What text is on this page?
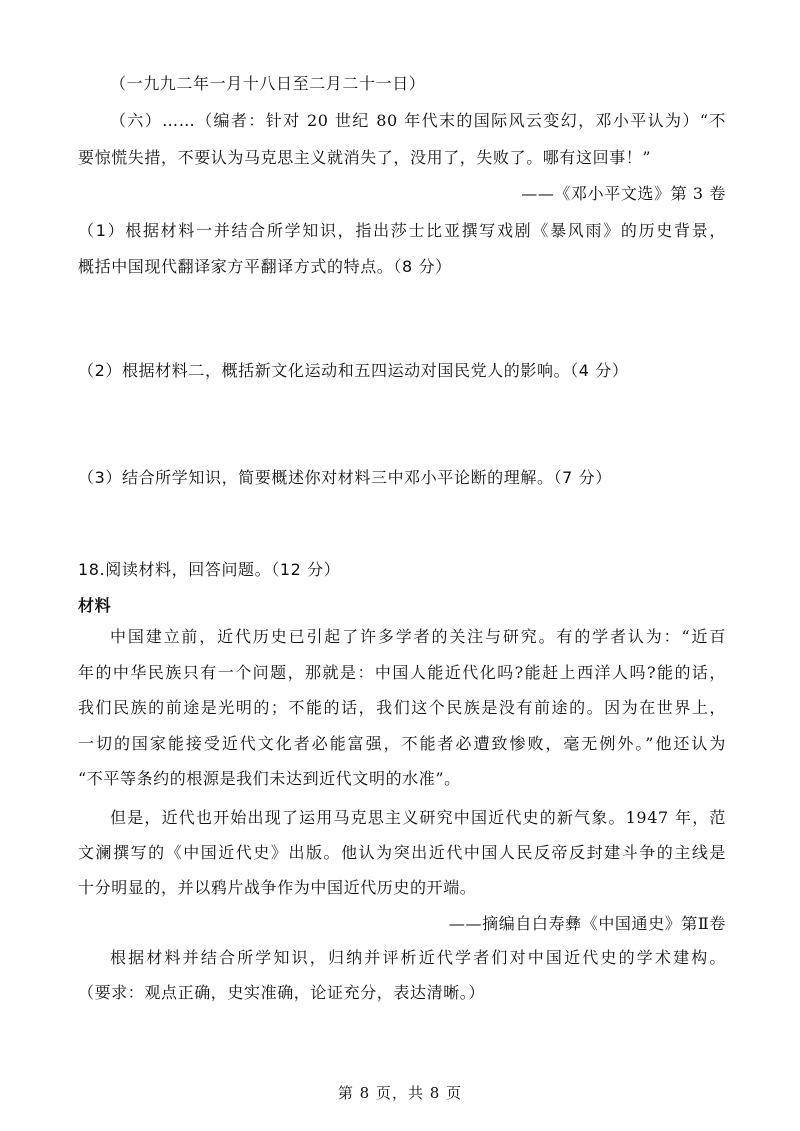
（一九九二年一月十八日至二月二十一日）
（六）……（编者：针对 20 世纪 80 年代末的国际风云变幻，邓小平认为）“不
要惊慌失措，不要认为马克思主义就消失了，没用了，失败了。哪有这回事！”
——《邓小平文选》第 3 卷
（1）根据材料一并结合所学知识，指出莎士比亚撰写戏剧《暴风雨》的历史背景，
概括中国现代翻译家方平翻译方式的特点。（8 分）
（2）根据材料二，概括新文化运动和五四运动对国民党人的影响。（4 分）
（3）结合所学知识，简要概述你对材料三中邓小平论断的理解。（7 分）
18.阅读材料，回答问题。（12 分）
材料
中国建立前，近代历史已引起了许多学者的关注与研究。有的学者认为：“近百
年的中华民族只有一个问题，那就是：中国人能近代化吗?能赶上西洋人吗?能的话，
我们民族的前途是光明的；不能的话，我们这个民族是没有前途的。因为在世界上，
一切的国家能接受近代文化者必能富强，不能者必遭致惨败，毫无例外。”他还认为
“不平等条约的根源是我们未达到近代文明的水准”。
但是，近代也开始出现了运用马克思主义研究中国近代史的新气象。1947 年，范
文澜撰写的《中国近代史》出版。他认为突出近代中国人民反帝反封建斗争的主线是
十分明显的，并以鸦片战争作为中国近代历史的开端。
——摘编自白寿彝《中国通史》第Ⅱ卷
根据材料并结合所学知识，归纳并评析近代学者们对中国近代史的学术建构。
（要求：观点正确，史实准确，论证充分，表达清晰。）
第 8 页，共 8 页
